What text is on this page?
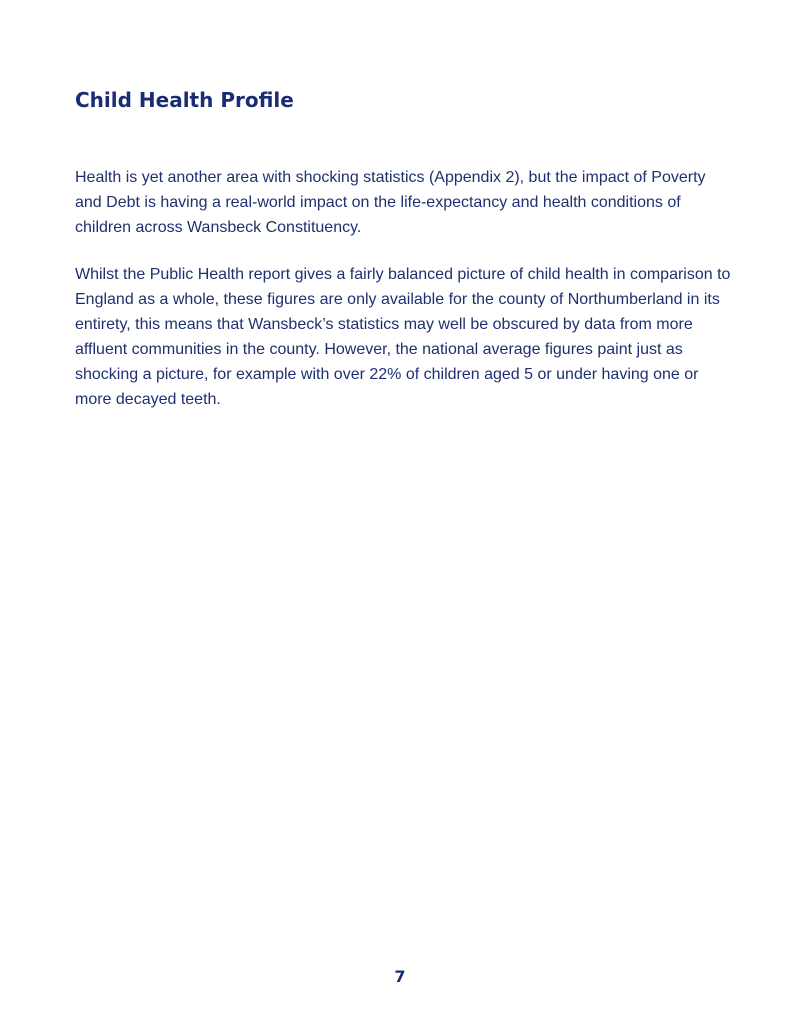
Child Health Profile

Health is yet another area with shocking statistics (Appendix 2), but the impact of Poverty and Debt is having a real-world impact on the life-expectancy and health conditions of children across Wansbeck Constituency.

Whilst the Public Health report gives a fairly balanced picture of child health in comparison to England as a whole, these figures are only available for the county of Northumberland in its entirety, this means that Wansbeck’s statistics may well be obscured by data from more affluent communities in the county. However, the national average figures paint just as shocking a picture, for example with over 22% of children aged 5 or under having one or more decayed teeth.

7
